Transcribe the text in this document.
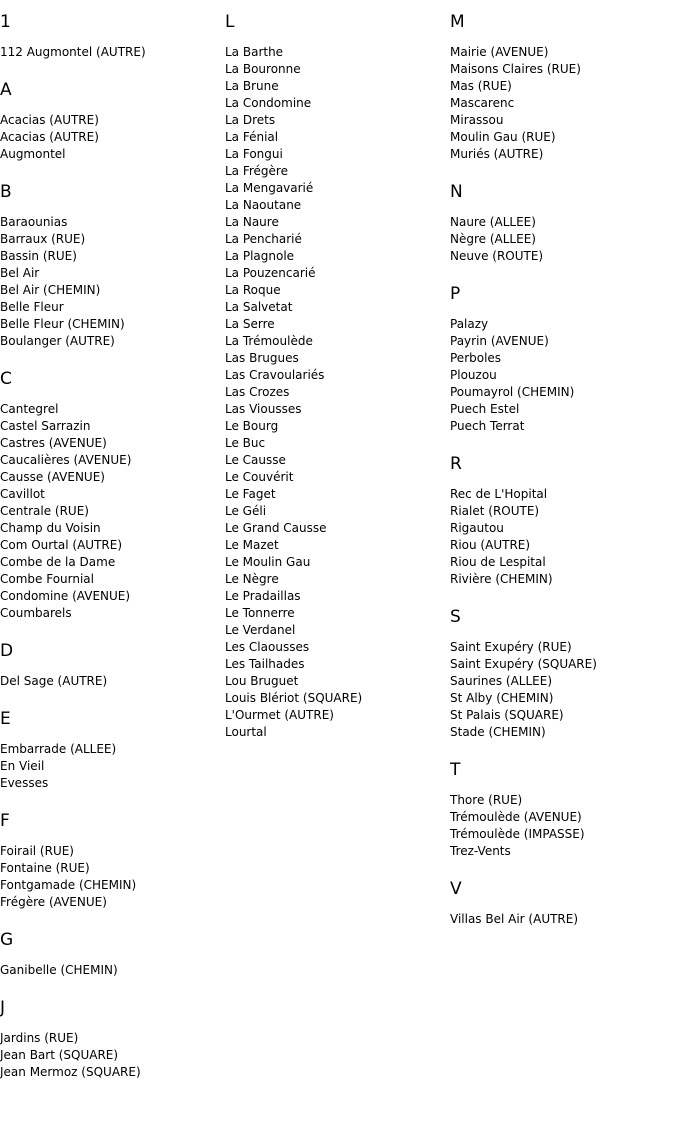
1
112 Augmontel (AUTRE)
A
Acacias (AUTRE)
Acacias (AUTRE)
Augmontel
B
Baraounias
Barraux (RUE)
Bassin (RUE)
Bel Air
Bel Air (CHEMIN)
Belle Fleur
Belle Fleur (CHEMIN)
Boulanger (AUTRE)
C
Cantegrel
Castel Sarrazin
Castres (AVENUE)
Caucalières (AVENUE)
Causse (AVENUE)
Cavillot
Centrale (RUE)
Champ du Voisin
Com Ourtal (AUTRE)
Combe de la Dame
Combe Fournial
Condomine (AVENUE)
Coumbarels
D
Del Sage (AUTRE)
E
Embarrade (ALLEE)
En Vieil
Evesses
F
Foirail (RUE)
Fontaine (RUE)
Fontgamade (CHEMIN)
Frégère (AVENUE)
G
Ganibelle (CHEMIN)
J
Jardins (RUE)
Jean Bart (SQUARE)
Jean Mermoz (SQUARE)
L
La Barthe
La Bouronne
La Brune
La Condomine
La Drets
La Fénial
La Fongui
La Frégère
La Mengavarié
La Naoutane
La Naure
La Pencharié
La Plagnole
La Pouzencarié
La Roque
La Salvetat
La Serre
La Trémoulède
Las Brugues
Las Cravoulariés
Las Crozes
Las Viousses
Le Bourg
Le Buc
Le Causse
Le Couvérit
Le Faget
Le Géli
Le Grand Causse
Le Mazet
Le Moulin Gau
Le Nègre
Le Pradaillas
Le Tonnerre
Le Verdanel
Les Claousses
Les Tailhades
Lou Bruguet
Louis Blériot (SQUARE)
L'Ourmet (AUTRE)
Lourtal
M
Mairie (AVENUE)
Maisons Claires (RUE)
Mas (RUE)
Mascarenc
Mirassou
Moulin Gau (RUE)
Muriés (AUTRE)
N
Naure (ALLEE)
Nègre (ALLEE)
Neuve (ROUTE)
P
Palazy
Payrin (AVENUE)
Perboles
Plouzou
Poumayrol (CHEMIN)
Puech Estel
Puech Terrat
R
Rec de L'Hopital
Rialet (ROUTE)
Rigautou
Riou (AUTRE)
Riou de Lespital
Rivière (CHEMIN)
S
Saint Exupéry (RUE)
Saint Exupéry (SQUARE)
Saurines (ALLEE)
St Alby (CHEMIN)
St Palais (SQUARE)
Stade (CHEMIN)
T
Thore (RUE)
Trémoulède (AVENUE)
Trémoulède (IMPASSE)
Trez-Vents
V
Villas Bel Air (AUTRE)
